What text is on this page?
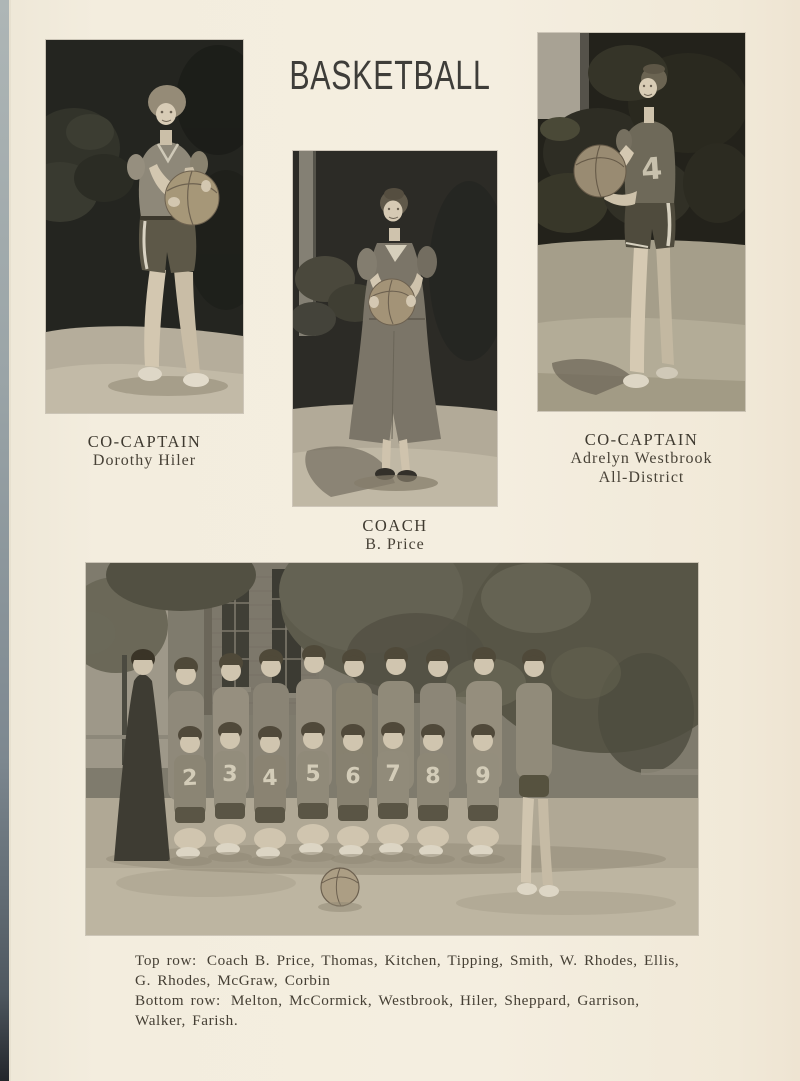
BASKETBALL
4
CO-CAPTAIN
Dorothy Hiler
COACH
B. Price
CO-CAPTAIN
Adrelyn Westbrook
All-District
2 3 4 5 6 7 8 9

Top row: Coach B. Price, Thomas, Kitchen, Tipping, Smith, W. Rhodes, Ellis, G. Rhodes, McGraw, Corbin

Bottom row: Melton, McCormick, Westbrook, Hiler, Sheppard, Garrison, Walker, Farish.
